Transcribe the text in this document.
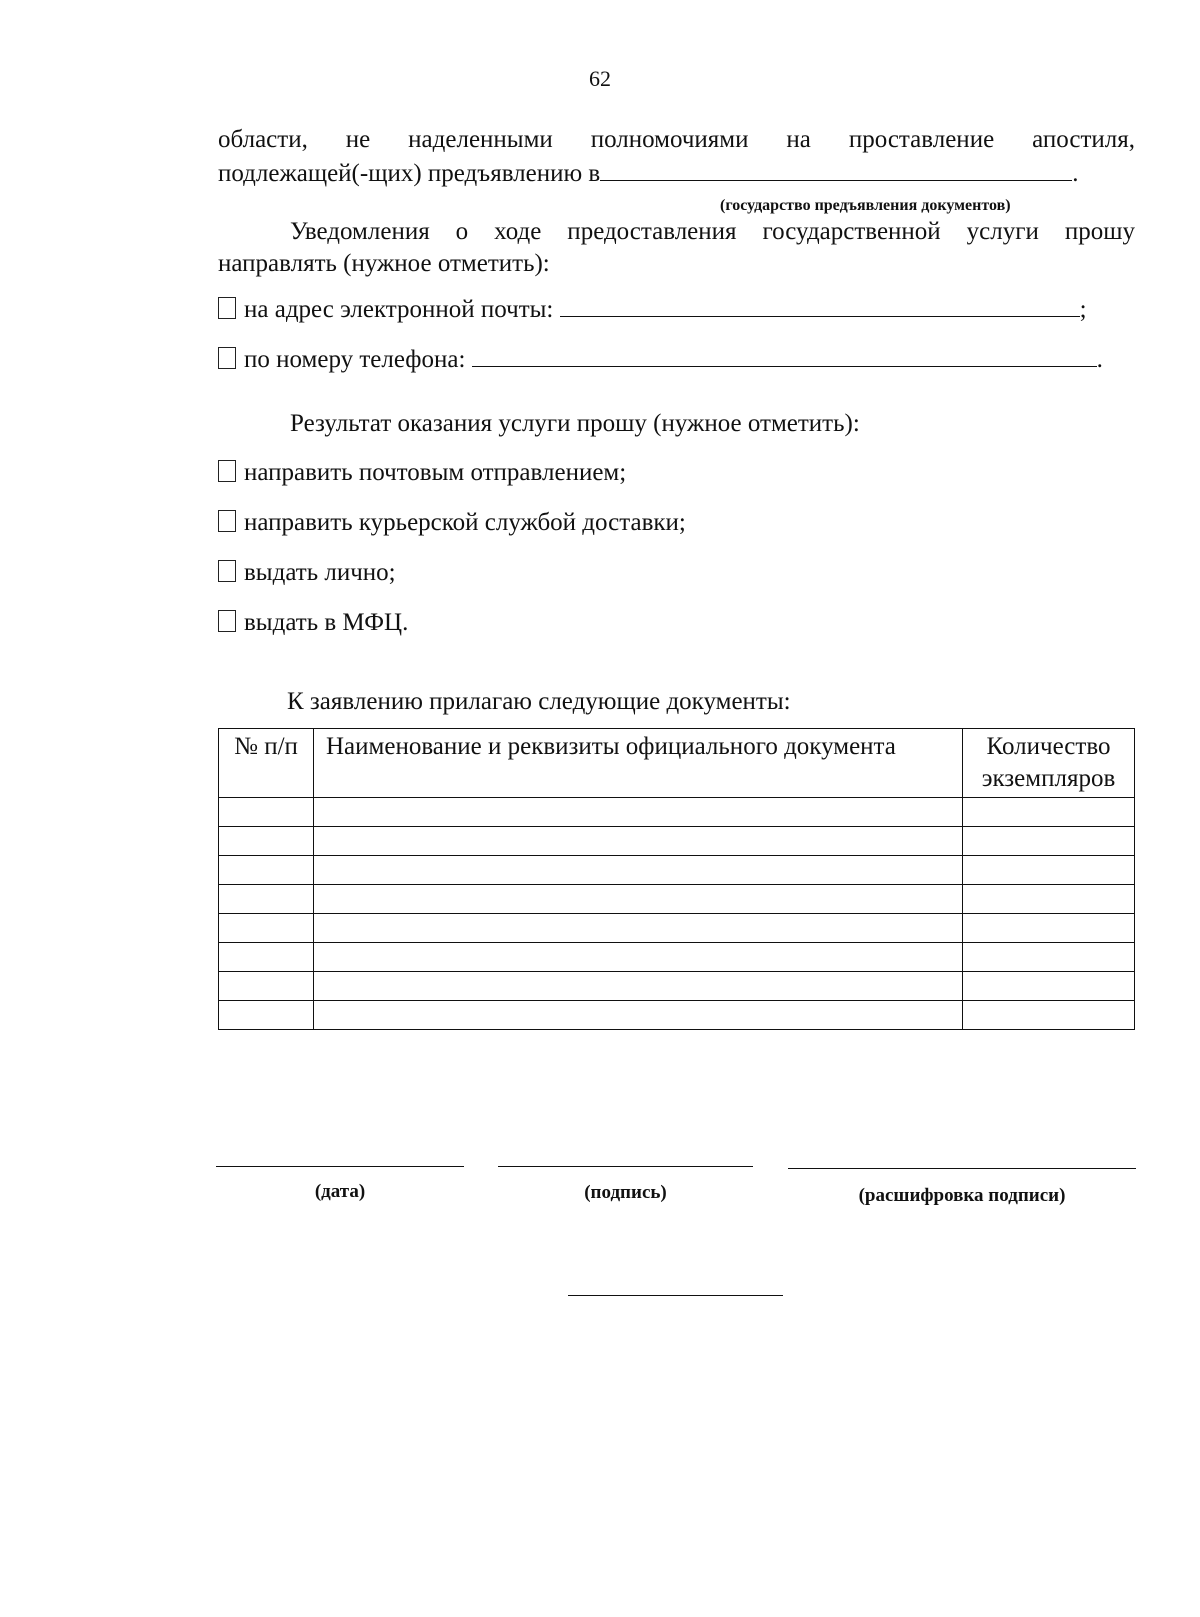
62
области, не наделенными полномочиями на проставление апостиля,
подлежащей(-щих) предъявлению в	.
(государство предъявления документов)
Уведомления о ходе предоставления государственной услуги прошу
направлять (нужное отметить):
на адрес электронной почты:	;
по номеру телефона:	.
Результат оказания услуги прошу (нужное отметить):
направить почтовым отправлением;
направить курьерской службой доставки;
выдать лично;
выдать в МФЦ.
К заявлению прилагаю следующие документы:
№ п/п	Наименование и реквизиты официального документа	Количество экземпляров

(дата)	(подпись)	(расшифровка подписи)
